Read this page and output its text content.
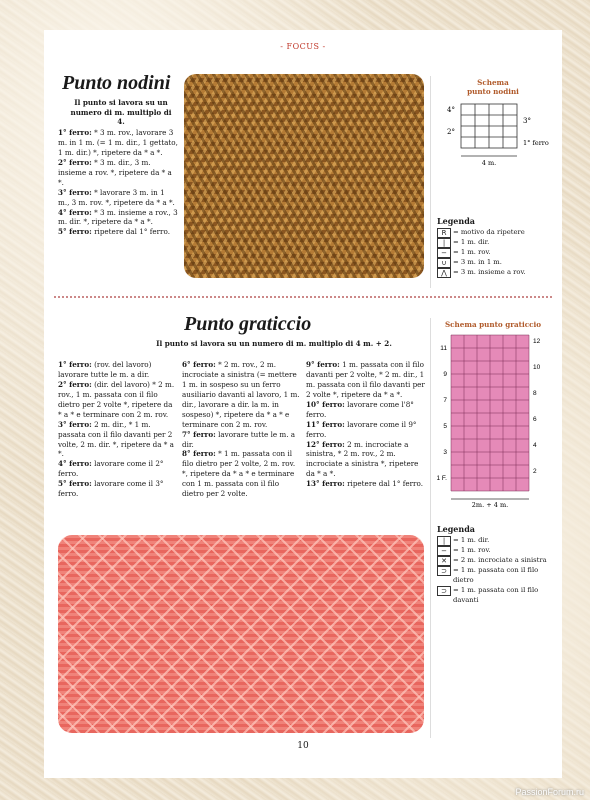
- FOCUS -
Punto nodini
Il punto si lavora su un numero di m. multiplo di 4.
1° ferro: * 3 m. rov., lavorare 3 m. in 1 m. (= 1 m. dir., 1 gettato, 1 m. dir.) *, ripetere da * a *.
2° ferro: * 3 m. dir., 3 m. insieme a rov. *, ripetere da * a *.
3° ferro: * lavorare 3 m. in 1 m., 3 m. rov. *, ripetere da * a *.
4° ferro: * 3 m. insieme a rov., 3 m. dir. *, ripetere da * a *.
5° ferro: ripetere dal 1° ferro.
Schema
punto nodini
4°
3°
2°
1° ferro
4 m.
Legenda
R = motivo da ripetere
|	= 1 m. dir.
− = 1 m. rov.
∪ = 3 m. in 1 m.
⋀ = 3 m. insieme a rov.
Punto graticcio
Il punto si lavora su un numero di m. multiplo di 4 m. + 2.
1° ferro: (rov. del lavoro) lavorare tutte le m. a dir.
2° ferro: (dir. del lavoro) * 2 m. rov., 1 m. passata con il filo dietro per 2 volte *, ripetere da * a * e terminare con 2 m. rov.
3° ferro: 2 m. dir., * 1 m. passata con il filo davanti per 2 volte, 2 m. dir. *, ripetere da * a *.
4° ferro: lavorare come il 2° ferro.
5° ferro: lavorare come il 3° ferro.
6° ferro: * 2 m. rov., 2 m. incrociate a sinistra (= mettere 1 m. in sospeso su un ferro ausiliario davanti al lavoro, 1 m. dir., lavorare a dir. la m. in sospeso) *, ripetere da * a * e terminare con 2 m. rov.
7° ferro: lavorare tutte le m. a dir.
8° ferro: * 1 m. passata con il filo dietro per 2 volte, 2 m. rov. *, ripetere da * a * e terminare con 1 m. passata con il filo dietro per 2 volte.
9° ferro: 1 m. passata con il filo davanti per 2 volte, * 2 m. dir., 1 m. passata con il filo davanti per 2 volte *, ripetere da * a *.
10° ferro: lavorare come l'8° ferro.
11° ferro: lavorare come il 9° ferro.
12° ferro: 2 m. incrociate a sinistra, * 2 m. rov., 2 m. incrociate a sinistra *, ripetere da * a *.
13° ferro: ripetere dal 1° ferro.
Schema punto graticcio
2m. + 4 m.
11
9
7
5
3
1 F.
12
10
8
6
4
2
Legenda
|	= 1 m. dir.
− = 1 m. rov.
✕ = 2 m. incrociate a sinistra
⊃ = 1 m. passata con il filo dietro
⊃ = 1 m. passata con il filo davanti
10
PassionForum.ru
